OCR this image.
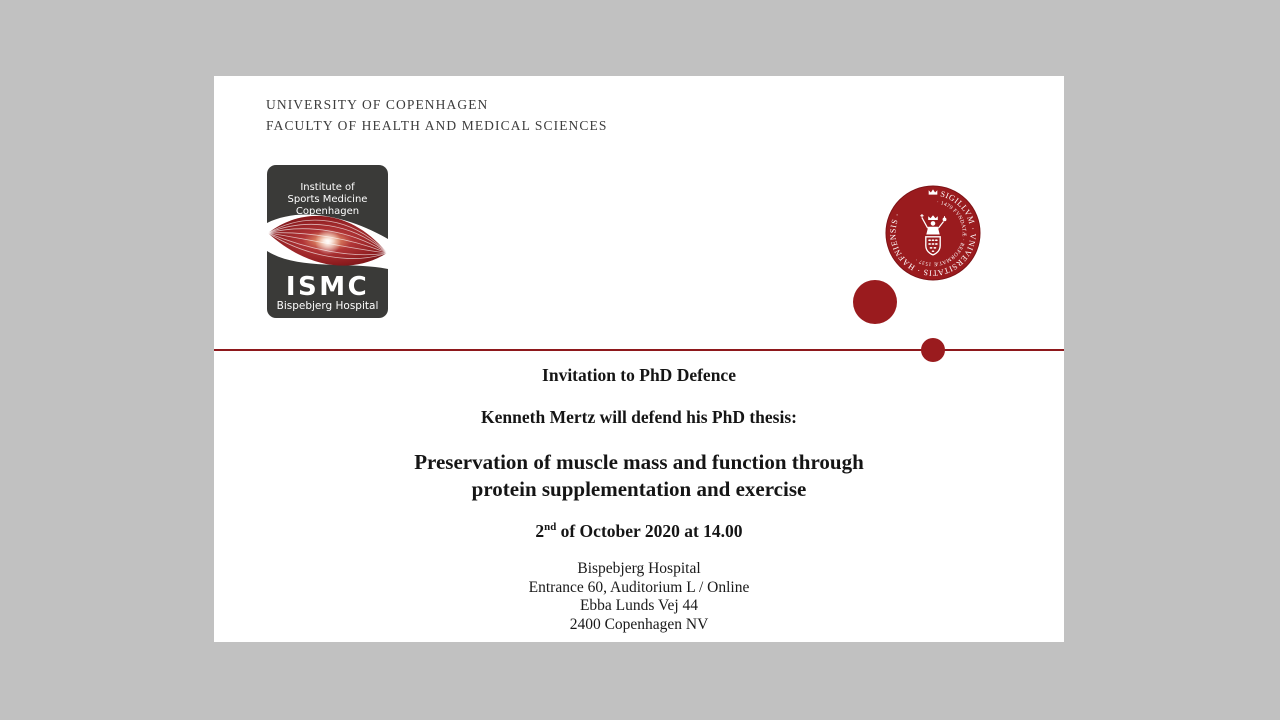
UNIVERSITY OF COPENHAGEN
FACULTY OF HEALTH AND MEDICAL SCIENCES
Institute of
Sports Medicine
Copenhagen
ISMC
Bispebjerg Hospital
SIGILLVM · VNIVERSITATIS · HAFNIENSIS ·
· 1479 FVNDATÆ · REFORMATÆ 1537 ·
Invitation to PhD Defence
Kenneth Mertz will defend his PhD thesis:
Preservation of muscle mass and function through protein supplementation and exercise
2nd of October 2020 at 14.00
Bispebjerg Hospital
Entrance 60, Auditorium L / Online
Ebba Lunds Vej 44
2400 Copenhagen NV
